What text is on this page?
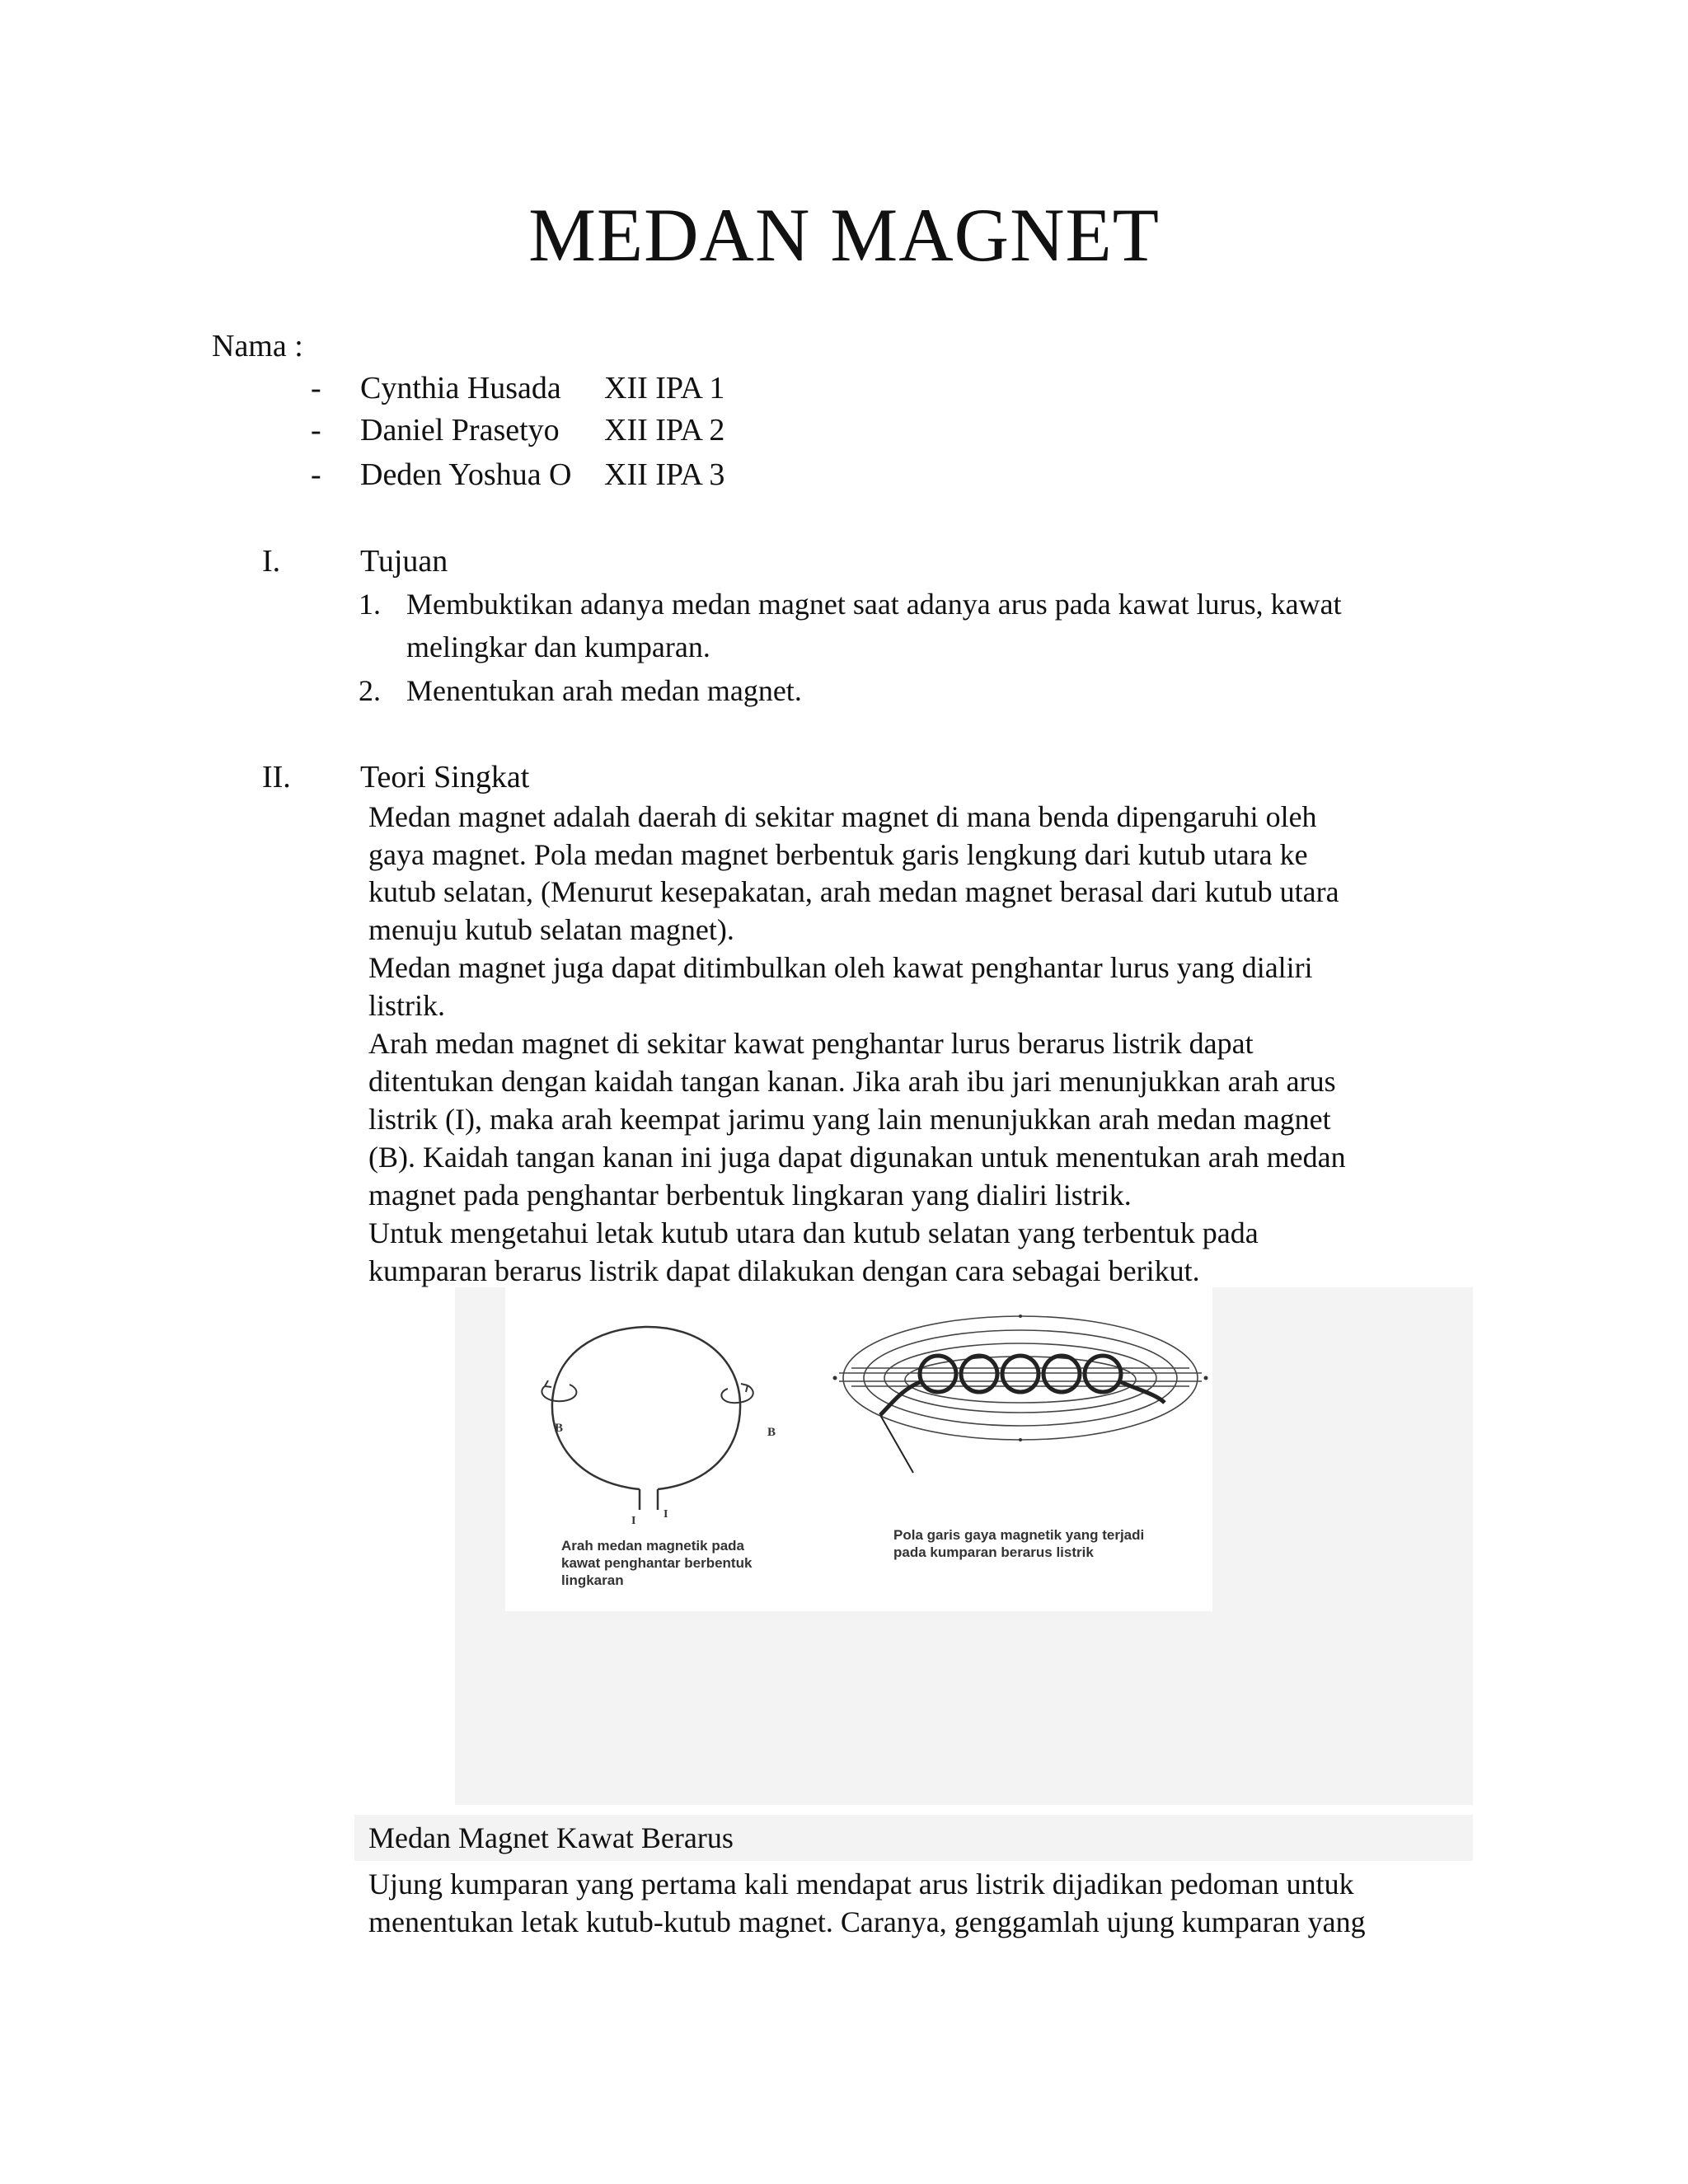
MEDAN MAGNET
Nama :
- Cynthia Husada XII IPA 1
- Daniel Prasetyo XII IPA 2
- Deden Yoshua O XII IPA 3
I.	Tujuan
1. Membuktikan adanya medan magnet saat adanya arus pada kawat lurus, kawat
melingkar dan kumparan.
2. Menentukan arah medan magnet.
II. Teori Singkat
Medan magnet adalah daerah di sekitar magnet di mana benda dipengaruhi oleh
gaya magnet. Pola medan magnet berbentuk garis lengkung dari kutub utara ke
kutub selatan, (Menurut kesepakatan, arah medan magnet berasal dari kutub utara
menuju kutub selatan magnet).
Medan magnet juga dapat ditimbulkan oleh kawat penghantar lurus yang dialiri
listrik.
Arah medan magnet di sekitar kawat penghantar lurus berarus listrik dapat
ditentukan dengan kaidah tangan kanan. Jika arah ibu jari menunjukkan arah arus
listrik (I), maka arah keempat jarimu yang lain menunjukkan arah medan magnet
(B). Kaidah tangan kanan ini juga dapat digunakan untuk menentukan arah medan
magnet pada penghantar berbentuk lingkaran yang dialiri listrik.
Untuk mengetahui letak kutub utara dan kutub selatan yang terbentuk pada
kumparan berarus listrik dapat dilakukan dengan cara sebagai berikut.
B	B
I
I
Arah medan magnetik pada
kawat penghantar berbentuk
lingkaran
Pola garis gaya magnetik yang terjadi
pada kumparan berarus listrik
Medan Magnet Kawat Berarus
Ujung kumparan yang pertama kali mendapat arus listrik dijadikan pedoman untuk
menentukan letak kutub-kutub magnet. Caranya, genggamlah ujung kumparan yang
